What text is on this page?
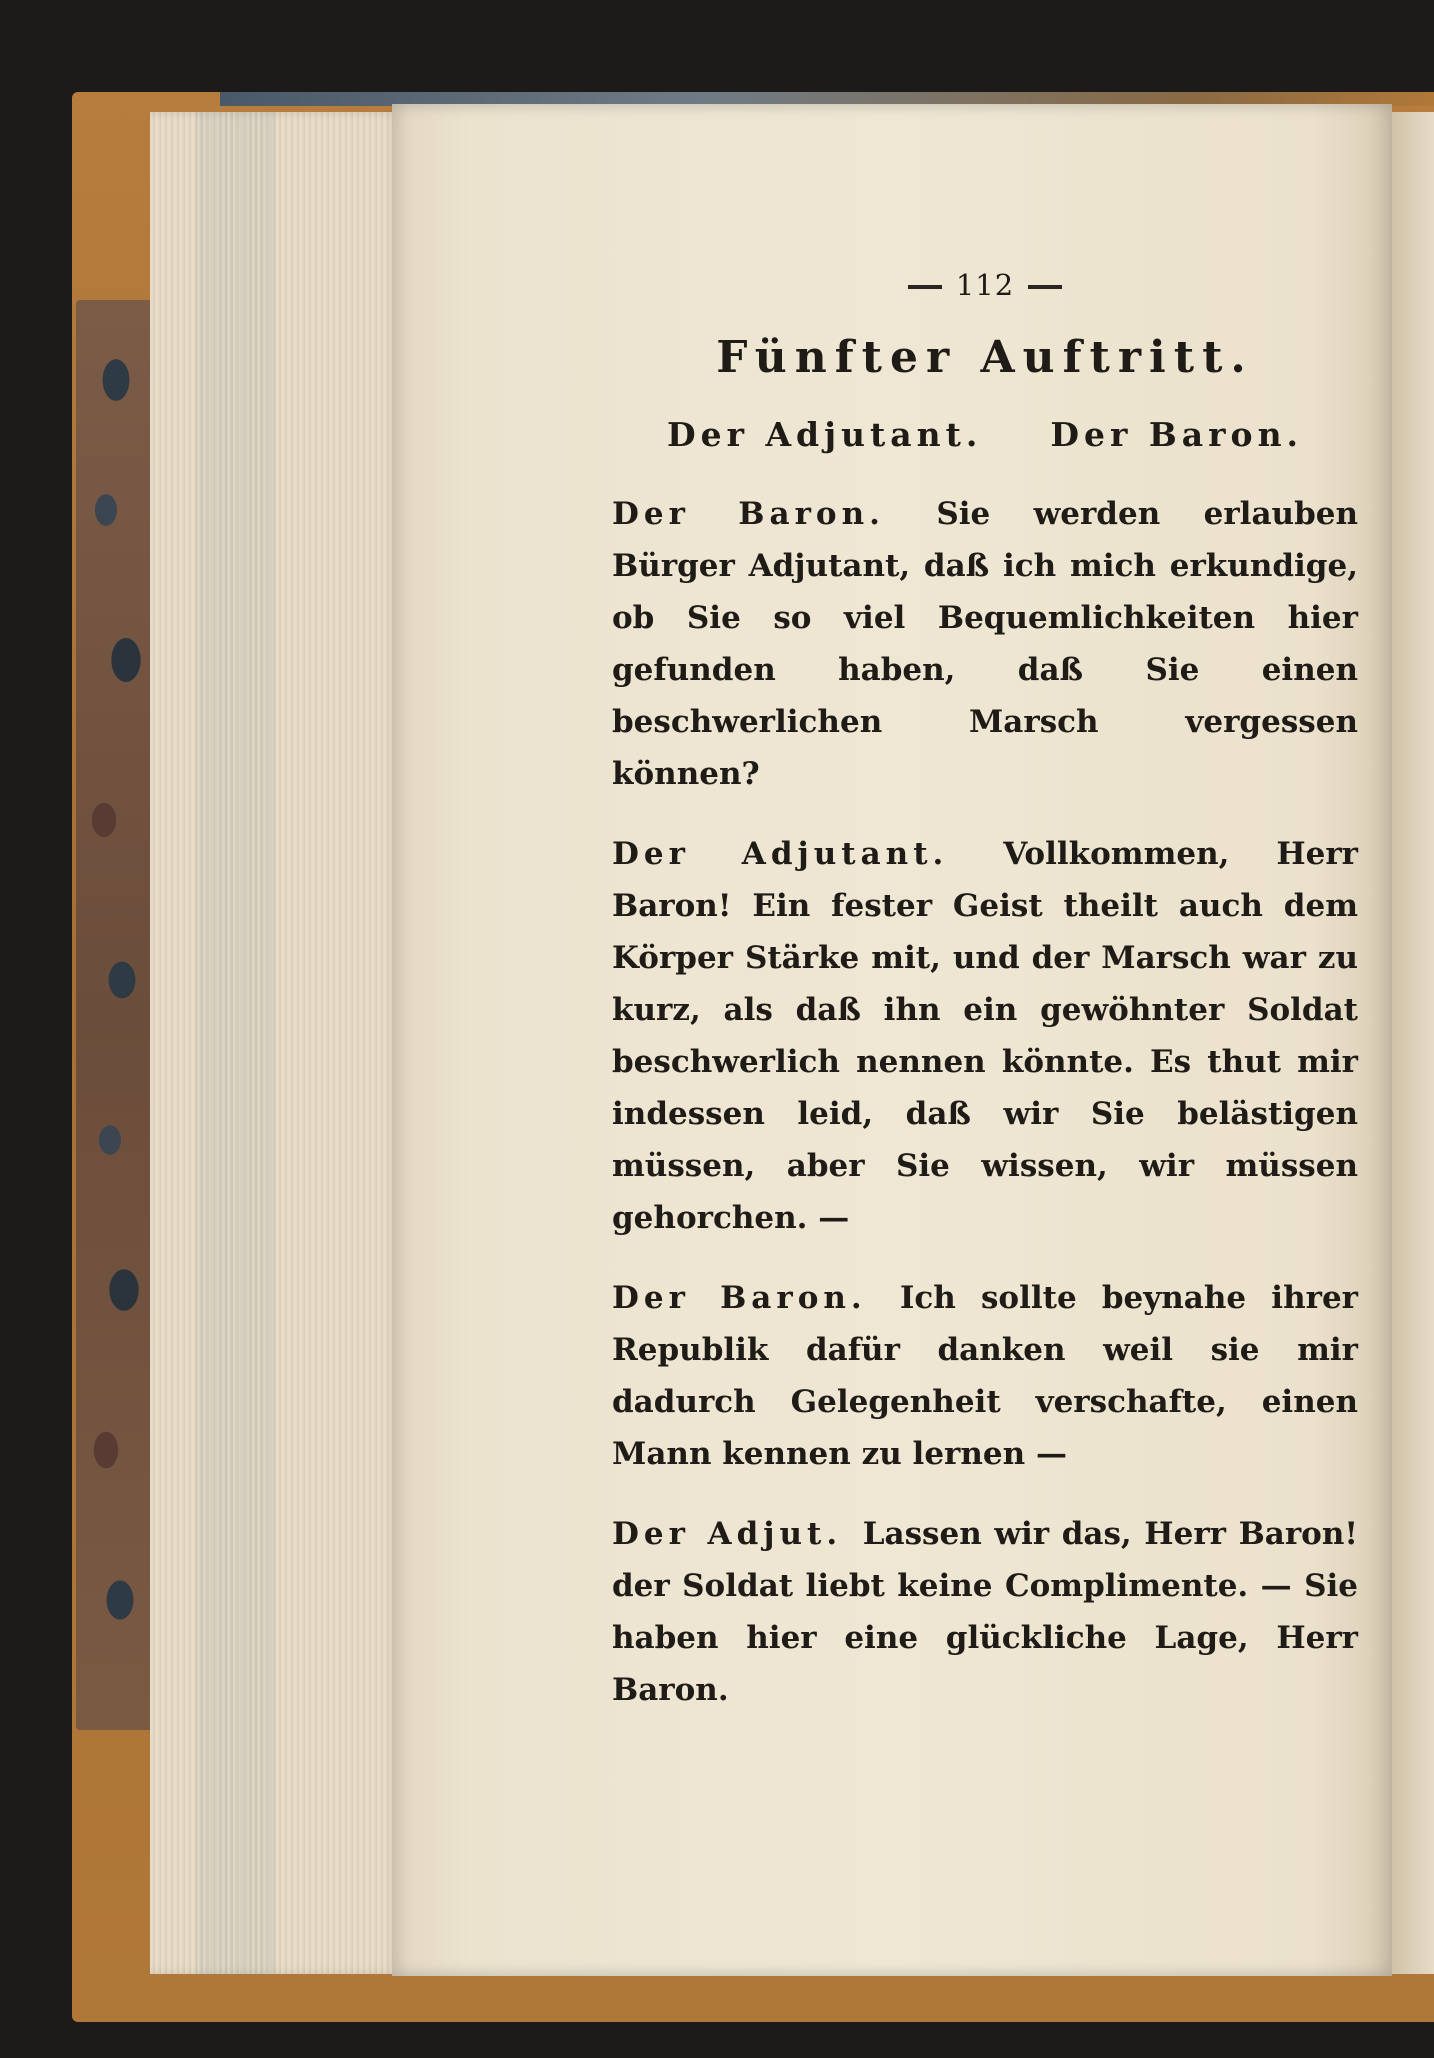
112
Fünfter Auftritt.
Der Adjutant. Der Baron.

Der Baron. Sie werden erlauben Bürger Adjutant, daß ich mich erkundige, ob Sie so viel Bequemlichkeiten hier gefunden haben, daß Sie einen beschwerlichen Marsch vergessen können?

Der Adjutant. Vollkommen, Herr Baron! Ein fester Geist theilt auch dem Körper Stärke mit, und der Marsch war zu kurz, als daß ihn ein gewöhnter Soldat beschwerlich nennen könnte. Es thut mir indessen leid, daß wir Sie belästigen müssen, aber Sie wissen, wir müssen gehorchen. —

Der Baron. Ich sollte beynahe ihrer Republik dafür danken weil sie mir dadurch Gelegenheit verschafte, einen Mann kennen zu lernen —

Der Adjut. Lassen wir das, Herr Baron! der Soldat liebt keine Complimente. — Sie haben hier eine glückliche Lage, Herr Baron.
